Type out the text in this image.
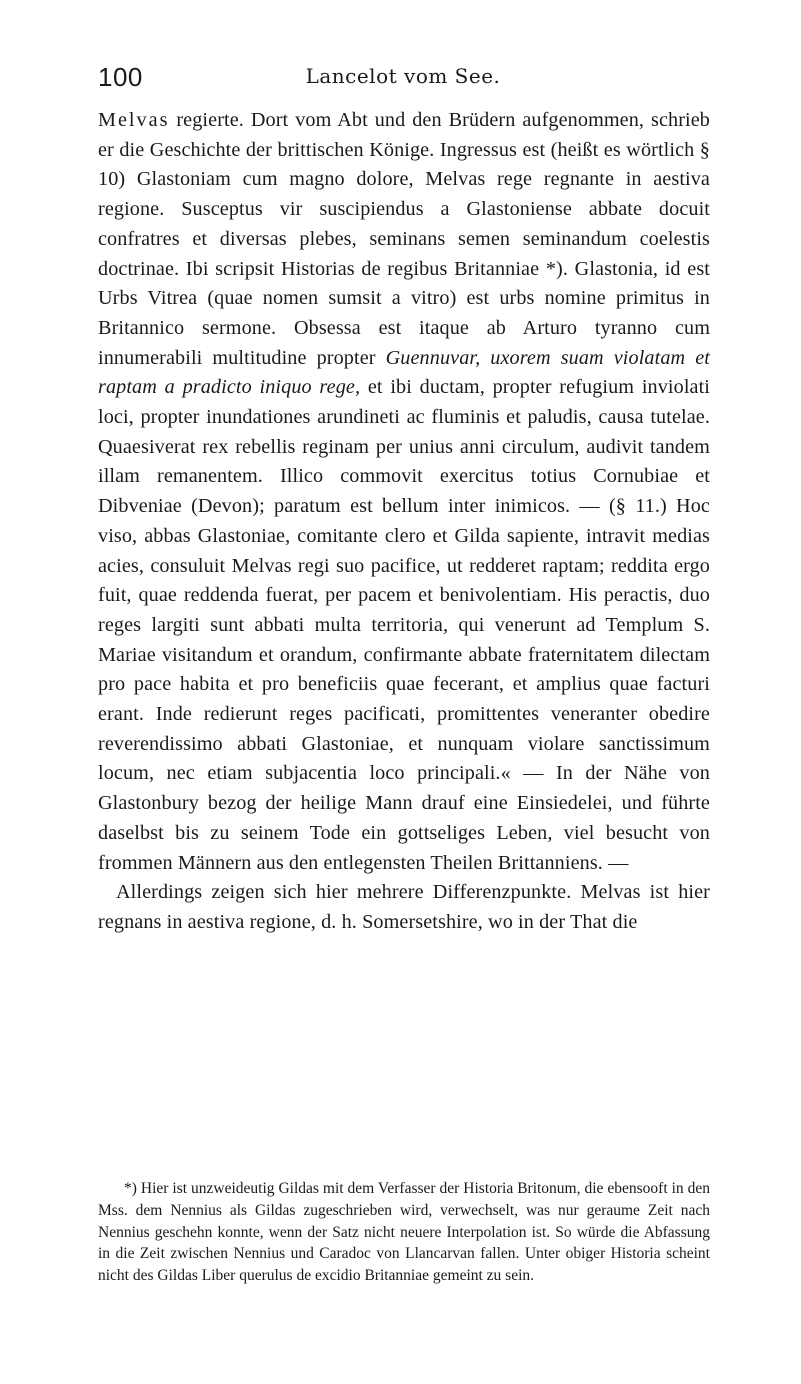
100	Lancelot vom See.

Melvas regierte. Dort vom Abt und den Brüdern aufgenommen, schrieb er die Geschichte der brittischen Könige. Ingressus est (heißt es wörtlich § 10) Glastoniam cum magno dolore, Melvas rege regnante in aestiva regione. Susceptus vir suscipiendus a Glastoniense abbate docuit confratres et diversas plebes, seminans semen seminandum coelestis doctrinae. Ibi scripsit Historias de regibus Britanniae *). Glastonia, id est Urbs Vitrea (quae nomen sumsit a vitro) est urbs nomine primitus in Britannico sermone. Obsessa est itaque ab Arturo tyranno cum innumerabili multitudine propter Guennuvar, uxorem suam violatam et raptam a pradicto iniquo rege, et ibi ductam, propter refugium inviolati loci, propter inundationes arundineti ac fluminis et paludis, causa tutelae. Quaesiverat rex rebellis reginam per unius anni circulum, audivit tandem illam remanentem. Illico commovit exercitus totius Cornubiae et Dibveniae (Devon); paratum est bellum inter inimicos. — (§ 11.) Hoc viso, abbas Glastoniae, comitante clero et Gilda sapiente, intravit medias acies, consuluit Melvas regi suo pacifice, ut redderet raptam; reddita ergo fuit, quae reddenda fuerat, per pacem et benivolentiam. His peractis, duo reges largiti sunt abbati multa territoria, qui venerunt ad Templum S. Mariae visitandum et orandum, confirmante abbate fraternitatem dilectam pro pace habita et pro beneficiis quae fecerant, et amplius quae facturi erant. Inde redierunt reges pacificati, promittentes veneranter obedire reverendissimo abbati Glastoniae, et nunquam violare sanctissimum locum, nec etiam subjacentia loco principali.« — In der Nähe von Glastonbury bezog der heilige Mann drauf eine Einsiedelei, und führte daselbst bis zu seinem Tode ein gottseliges Leben, viel besucht von frommen Männern aus den entlegensten Theilen Brittanniens. —

Allerdings zeigen sich hier mehrere Differenzpunkte. Melvas ist hier regnans in aestiva regione, d. h. Somersetshire, wo in der That die

*) Hier ist unzweideutig Gildas mit dem Verfasser der Historia Britonum, die ebensooft in den Mss. dem Nennius als Gildas zugeschrieben wird, verwechselt, was nur geraume Zeit nach Nennius geschehn konnte, wenn der Satz nicht neuere Interpolation ist. So würde die Abfassung in die Zeit zwischen Nennius und Caradoc von Llancarvan fallen. Unter obiger Historia scheint nicht des Gildas Liber querulus de excidio Britanniae gemeint zu sein.
